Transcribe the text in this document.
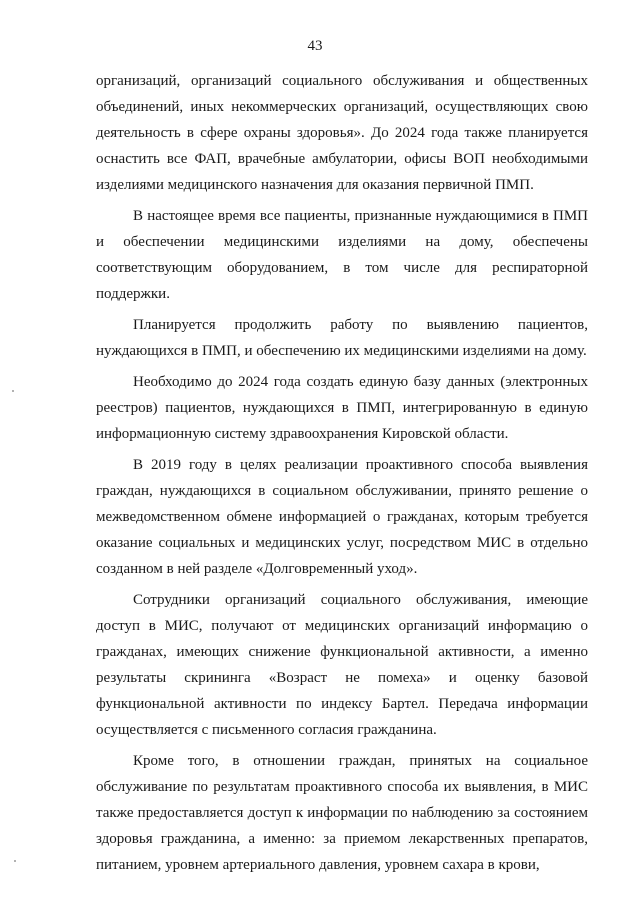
43

организаций, организаций социального обслуживания и общественных объединений, иных некоммерческих организаций, осуществляющих свою деятельность в сфере охраны здоровья». До 2024 года также планируется оснастить все ФАП, врачебные амбулатории, офисы ВОП необходимыми изделиями медицинского назначения для оказания первичной ПМП.

В настоящее время все пациенты, признанные нуждающимися в ПМП и обеспечении медицинскими изделиями на дому, обеспечены соответствующим оборудованием, в том числе для респираторной поддержки.

Планируется продолжить работу по выявлению пациентов, нуждающихся в ПМП, и обеспечению их медицинскими изделиями на дому.

Необходимо до 2024 года создать единую базу данных (электронных реестров) пациентов, нуждающихся в ПМП, интегрированную в единую информационную систему здравоохранения Кировской области.

В 2019 году в целях реализации проактивного способа выявления граждан, нуждающихся в социальном обслуживании, принято решение о межведомственном обмене информацией о гражданах, которым требуется оказание социальных и медицинских услуг, посредством МИС в отдельно созданном в ней разделе «Долговременный уход».

Сотрудники организаций социального обслуживания, имеющие доступ в МИС, получают от медицинских организаций информацию о гражданах, имеющих снижение функциональной активности, а именно результаты скрининга «Возраст не помеха» и оценку базовой функциональной активности по индексу Бартел. Передача информации осуществляется с письменного согласия гражданина.

Кроме того, в отношении граждан, принятых на социальное обслуживание по результатам проактивного способа их выявления, в МИС также предоставляется доступ к информации по наблюдению за состоянием здоровья гражданина, а именно: за приемом лекарственных препаратов, питанием, уровнем артериального давления, уровнем сахара в крови,
